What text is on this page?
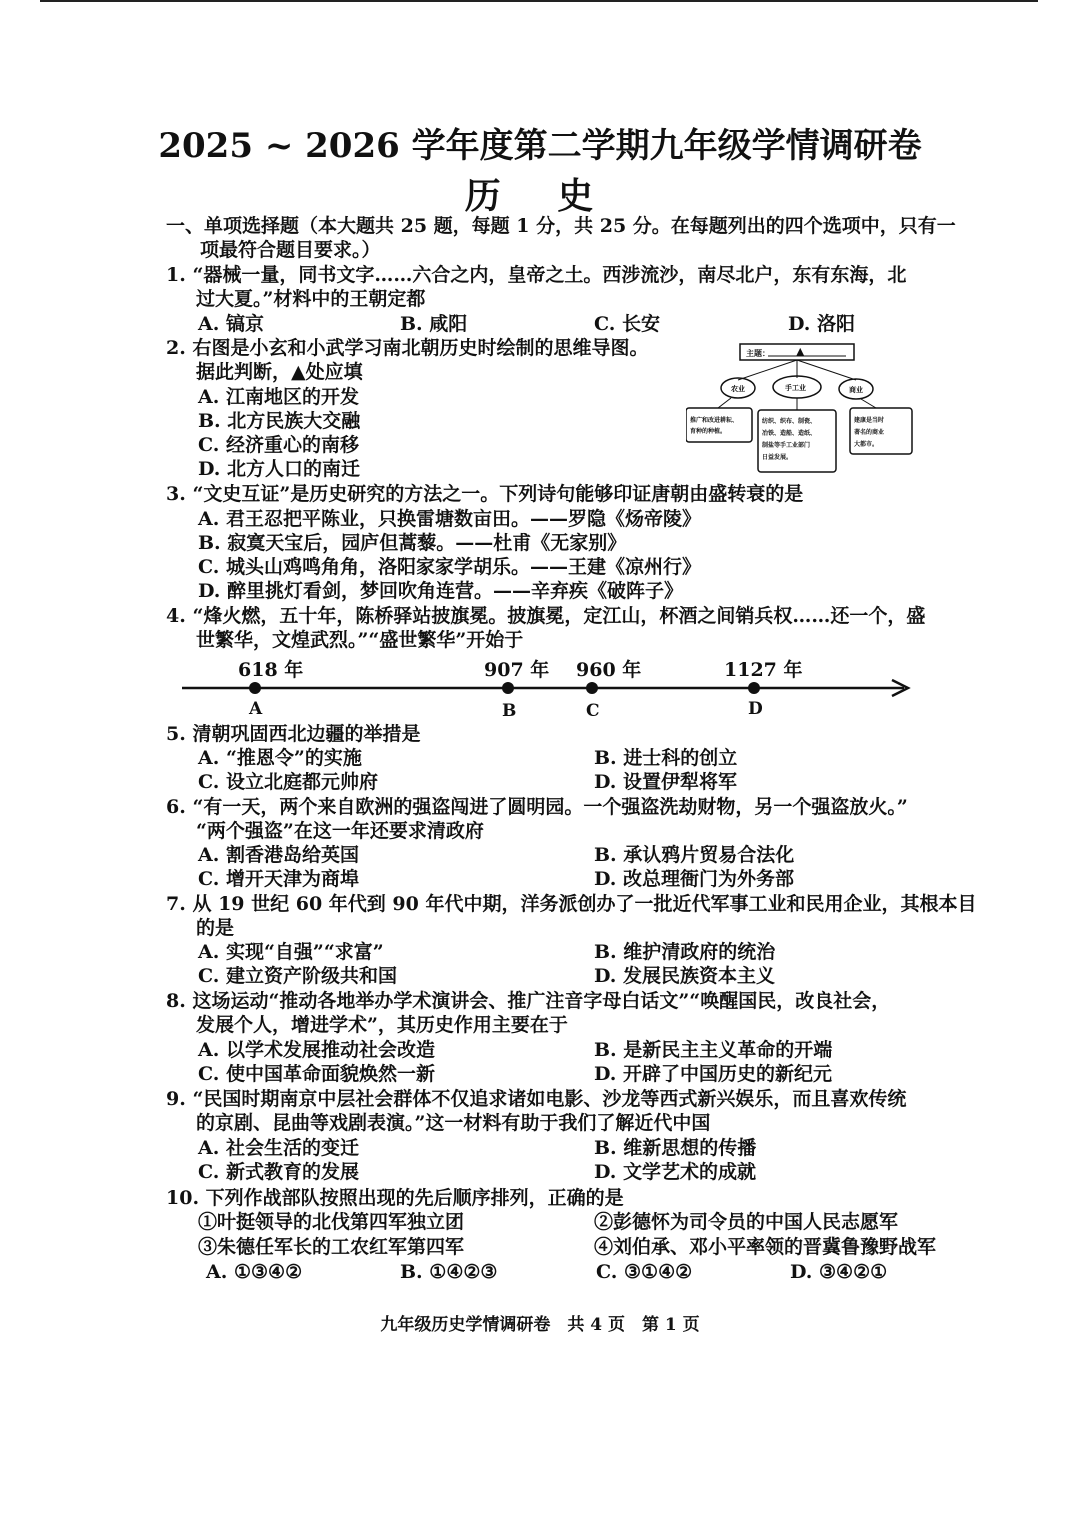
2025 ~ 2026 学年度第二学期九年级学情调研卷
历 史
一、单项选择题（本大题共 25 题，每题 1 分，共 25 分。在每题列出的四个选项中，只有一
项最符合题目要求。）
1. “器械一量，同书文字……六合之内，皇帝之土。西涉流沙，南尽北户，东有东海，北
过大夏。”材料中的王朝定都
A. 镐京	B. 咸阳	C. 长安	D. 洛阳
2. 右图是小玄和小武学习南北朝历史时绘制的思维导图。
据此判断，▲处应填
A. 江南地区的开发
B. 北方民族大交融
C. 经济重心的南移
D. 北方人口的南迁
主题： ▲
农业	手工业	商业
推广和改进耕耘、
育种的种植。
纺织、织布、制瓷、
冶铁、造船、造纸、
制盐等手工业部门
日益发展。
建康是当时
著名的商业
大都市。
3. “文史互证”是历史研究的方法之一。下列诗句能够印证唐朝由盛转衰的是
A. 君王忍把平陈业，只换雷塘数亩田。——罗隐《炀帝陵》
B. 寂寞天宝后，园庐但蒿藜。——杜甫《无家别》
C. 城头山鸡鸣角角，洛阳家家学胡乐。——王建《凉州行》
D. 醉里挑灯看剑，梦回吹角连营。——辛弃疾《破阵子》
4. “烽火燃，五十年，陈桥驿站披旗冕。披旗冕，定江山，杯酒之间销兵权……还一个，盛
世繁华，文煌武烈。”“盛世繁华”开始于
618 年	907 年 960 年	1127 年
A	B	C	D
5. 清朝巩固西北边疆的举措是
A. “推恩令”的实施	B. 进士科的创立
C. 设立北庭都元帅府	D. 设置伊犁将军
6. “有一天，两个来自欧洲的强盗闯进了圆明园。一个强盗洗劫财物，另一个强盗放火。”
“两个强盗”在这一年还要求清政府
A. 割香港岛给英国	B. 承认鸦片贸易合法化
C. 增开天津为商埠	D. 改总理衙门为外务部
7. 从 19 世纪 60 年代到 90 年代中期，洋务派创办了一批近代军事工业和民用企业，其根本目
的是
A. 实现“自强”“求富”	B. 维护清政府的统治
C. 建立资产阶级共和国	D. 发展民族资本主义
8. 这场运动“推动各地举办学术演讲会、推广注音字母白话文”“唤醒国民，改良社会，
发展个人，增进学术”，其历史作用主要在于
A. 以学术发展推动社会改造	B. 是新民主主义革命的开端
C. 使中国革命面貌焕然一新	D. 开辟了中国历史的新纪元
9. “民国时期南京中层社会群体不仅追求诸如电影、沙龙等西式新兴娱乐，而且喜欢传统
的京剧、昆曲等戏剧表演。”这一材料有助于我们了解近代中国
A. 社会生活的变迁	B. 维新思想的传播
C. 新式教育的发展	D. 文学艺术的成就
10. 下列作战部队按照出现的先后顺序排列，正确的是
①叶挺领导的北伐第四军独立团	②彭德怀为司令员的中国人民志愿军
③朱德任军长的工农红军第四军	④刘伯承、邓小平率领的晋冀鲁豫野战军
A. ①③④②	B. ①④②③	C. ③①④②	D. ③④②①
九年级历史学情调研卷　共 4 页　第 1 页
